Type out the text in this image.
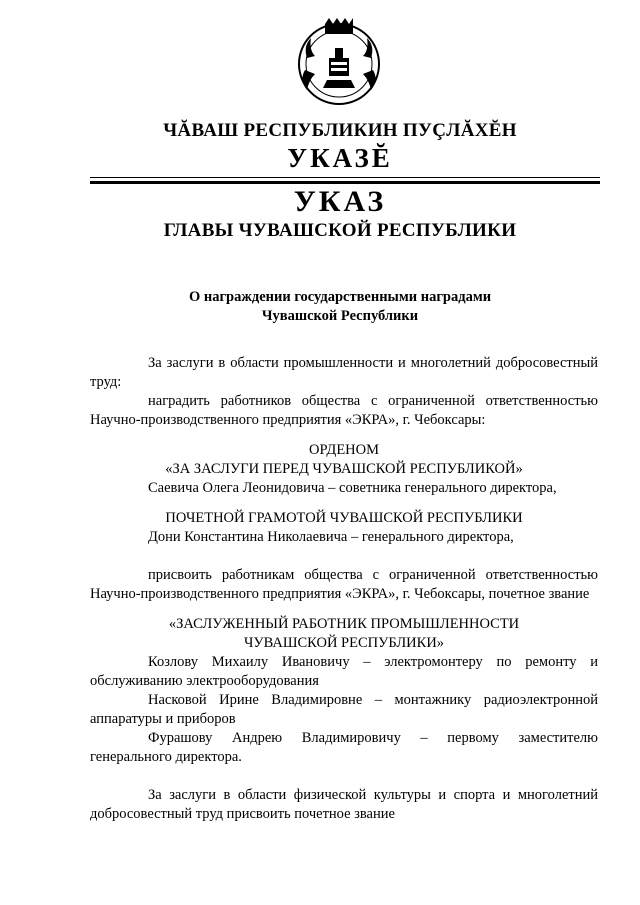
ЧĂВАШ РЕСПУБЛИКИН ПУÇЛĂХĔН
УКАЗĔ
УКАЗ
ГЛАВЫ ЧУВАШСКОЙ РЕСПУБЛИКИ
О награждении государственными наградами
Чувашской Республики

За заслуги в области промышленности и многолетний добросовестный труд:

наградить работников общества с ограниченной ответственностью Научно-производственного предприятия «ЭКРА», г. Чебоксары:

ОРДЕНОМ

«ЗА ЗАСЛУГИ ПЕРЕД ЧУВАШСКОЙ РЕСПУБЛИКОЙ»

Саевича Олега Леонидовича – советника генерального директора,

ПОЧЕТНОЙ ГРАМОТОЙ ЧУВАШСКОЙ РЕСПУБЛИКИ

Дони Константина Николаевича – генерального директора,

присвоить работникам общества с ограниченной ответственностью Научно-производственного предприятия «ЭКРА», г. Чебоксары, почетное звание

«ЗАСЛУЖЕННЫЙ РАБОТНИК ПРОМЫШЛЕННОСТИ

ЧУВАШСКОЙ РЕСПУБЛИКИ»

Козлову Михаилу Ивановичу – электромонтеру по ремонту и обслуживанию электрооборудования

Насковой Ирине Владимировне – монтажнику радиоэлектронной аппаратуры и приборов

Фурашову Андрею Владимировичу – первому заместителю генерального директора.

За заслуги в области физической культуры и спорта и многолетний добросовестный труд присвоить почетное звание
